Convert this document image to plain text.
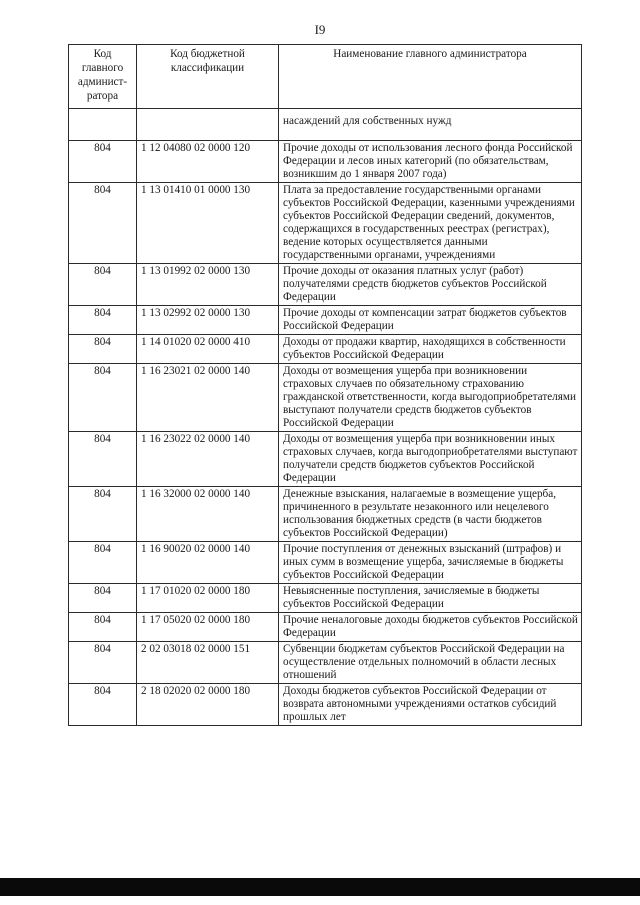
I9
Код главного админист-ратора	Код бюджетной классификации	Наименование главного администратора
		насаждений для собственных нужд
804	1 12 04080 02 0000 120	Прочие доходы от использования лесного фонда Российской Федерации и лесов иных категорий (по обязательствам, возникшим до 1 января 2007 года)
804	1 13 01410 01 0000 130	Плата за предоставление государственными органами субъектов Российской Федерации, казенными учреждениями субъектов Российской Федерации сведений, документов, содержащихся в государственных реестрах (регистрах), ведение которых осуществляется данными государственными органами, учреждениями
804	1 13 01992 02 0000 130	Прочие доходы от оказания платных услуг (работ) получателями средств бюджетов субъектов Российской Федерации
804	1 13 02992 02 0000 130	Прочие доходы от компенсации затрат бюджетов субъектов Российской Федерации
804	1 14 01020 02 0000 410	Доходы от продажи квартир, находящихся в собственности субъектов Российской Федерации
804	1 16 23021 02 0000 140	Доходы от возмещения ущерба при возникновении страховых случаев по обязательному страхованию гражданской ответственности, когда выгодоприобретателями выступают получатели средств бюджетов субъектов Российской Федерации
804	1 16 23022 02 0000 140	Доходы от возмещения ущерба при возникновении иных страховых случаев, когда выгодоприобретателями выступают получатели средств бюджетов субъектов Российской Федерации
804	1 16 32000 02 0000 140	Денежные взыскания, налагаемые в возмещение ущерба, причиненного в результате незаконного или нецелевого использования бюджетных средств (в части бюджетов субъектов Российской Федерации)
804	1 16 90020 02 0000 140	Прочие поступления от денежных взысканий (штрафов) и иных сумм в возмещение ущерба, зачисляемые в бюджеты субъектов Российской Федерации
804	1 17 01020 02 0000 180	Невыясненные поступления, зачисляемые в бюджеты субъектов Российской Федерации
804	1 17 05020 02 0000 180	Прочие неналоговые доходы бюджетов субъектов Российской Федерации
804	2 02 03018 02 0000 151	Субвенции бюджетам субъектов Российской Федерации на осуществление отдельных полномочий в области лесных отношений
804	2 18 02020 02 0000 180	Доходы бюджетов субъектов Российской Федерации от возврата автономными учреждениями остатков субсидий прошлых лет
